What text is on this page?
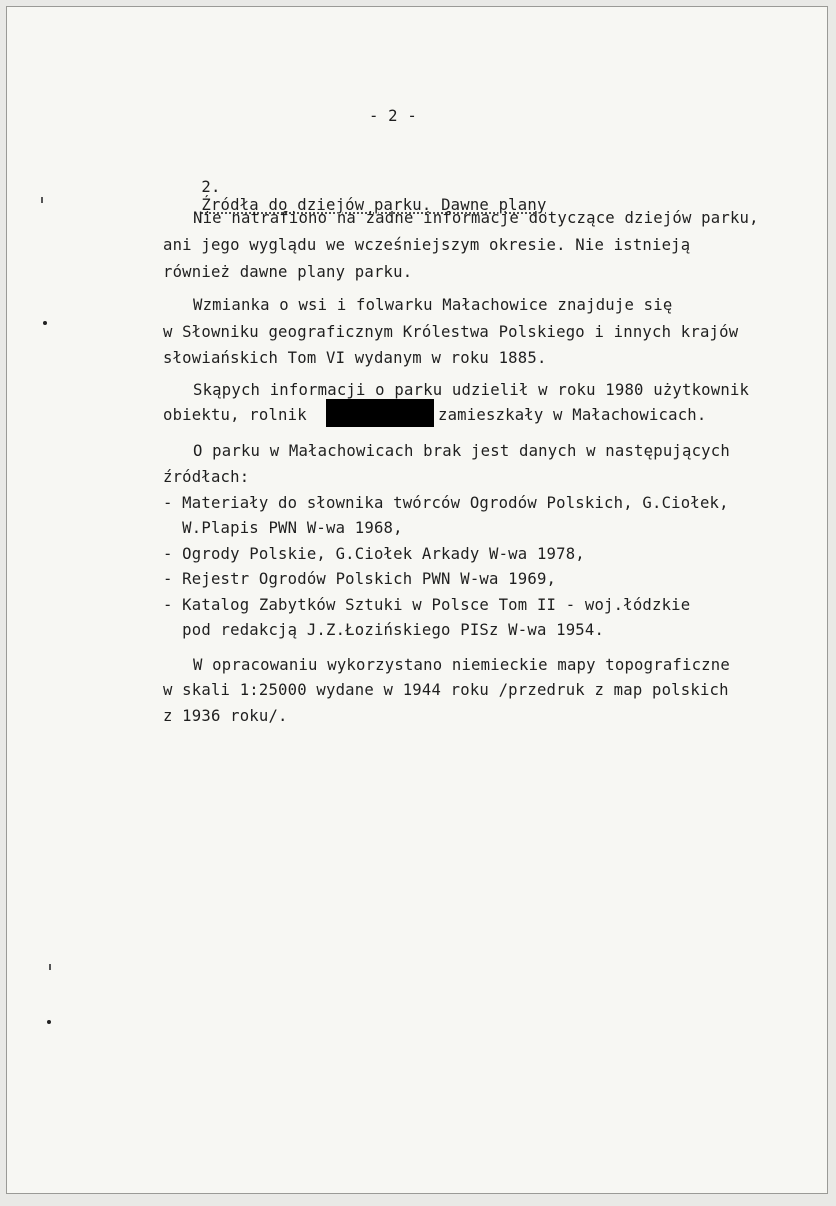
- 2 -

2.
Źródła do dziejów parku. Dawne plany

Nie natrafiono na żadne informacje dotyczące dziejów parku,
ani jego wyglądu we wcześniejszym okresie. Nie istnieją
również dawne plany parku.
Wzmianka o wsi i folwarku Małachowice znajduje się
w Słowniku geograficznym Królestwa Polskiego i innych krajów
słowiańskich Tom VI wydanym w roku 1885.
Skąpych informacji o parku udzielił w roku 1980 użytkownik
obiektu, rolnik	zamieszkały w Małachowicach.
O parku w Małachowicach brak jest danych w następujących
źródłach:
- Materiały do słownika twórców Ogrodów Polskich, G.Ciołek,
W.Plapis PWN W-wa 1968,
- Ogrody Polskie, G.Ciołek Arkady W-wa 1978,
- Rejestr Ogrodów Polskich PWN W-wa 1969,
- Katalog Zabytków Sztuki w Polsce Tom II - woj.łódzkie
pod redakcją J.Z.Łozińskiego PISz W-wa 1954.
W opracowaniu wykorzystano niemieckie mapy topograficzne
w skali 1:25000 wydane w 1944 roku /przedruk z map polskich
z 1936 roku/.
